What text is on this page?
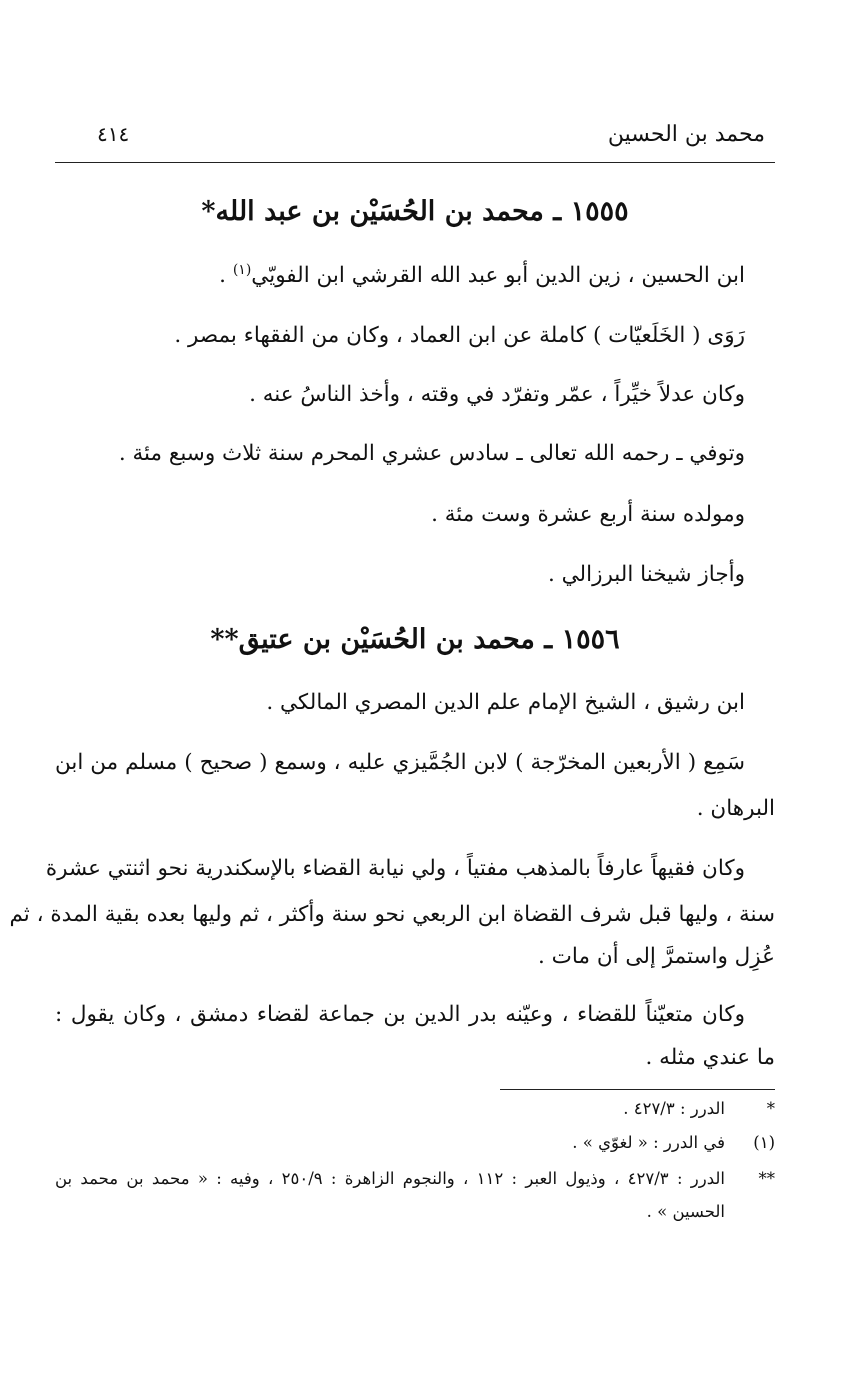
محمد بن الحسين
٤١٤
١٥٥٥ ـ محمد بن الحُسَيْن بن عبد الله*
ابن الحسين ، زين الدين أبو عبد الله القرشي ابن الفويّي$^{(١)}$ .
رَوَى ( الخَلَعيّات ) كاملة عن ابن العماد ، وكان من الفقهاء بمصر .
وكان عدلاً خيِّراً ، عمّر وتفرّد في وقته ، وأخذ الناسُ عنه .
وتوفي ـ رحمه الله تعالى ـ سادس عشري المحرم سنة ثلاث وسبع مئة .
ومولده سنة أربع عشرة وست مئة .
وأجاز شيخنا البرزالي .
١٥٥٦ ـ محمد بن الحُسَيْن بن عتيق**
ابن رشيق ، الشيخ الإمام علم الدين المصري المالكي .
سَمِع ( الأربعين المخرّجة ) لابن الجُمَّيزي عليه ، وسمع ( صحيح ) مسلم من ابن
البرهان .
وكان فقيهاً عارفاً بالمذهب مفتياً ، ولي نيابة القضاء بالإسكندرية نحو اثنتي عشرة
سنة ، وليها قبل شرف القضاة ابن الربعي نحو سنة وأكثر ، ثم وليها بعده بقية المدة ، ثم
عُزِل واستمرَّ إلى أن مات .
وكان متعيّناً للقضاء ، وعيّنه بدر الدين بن جماعة لقضاء دمشق ، وكان يقول :
ما عندي مثله .
*
الدرر : ٤٢٧/٣ .
(١)
في الدرر : « لغوّي » .
**
الدرر : ٤٢٧/٣ ، وذيول العبر : ١١٢ ، والنجوم الزاهرة : ٢٥٠/٩ ، وفيه : « محمد بن محمد بن
الحسين » .
